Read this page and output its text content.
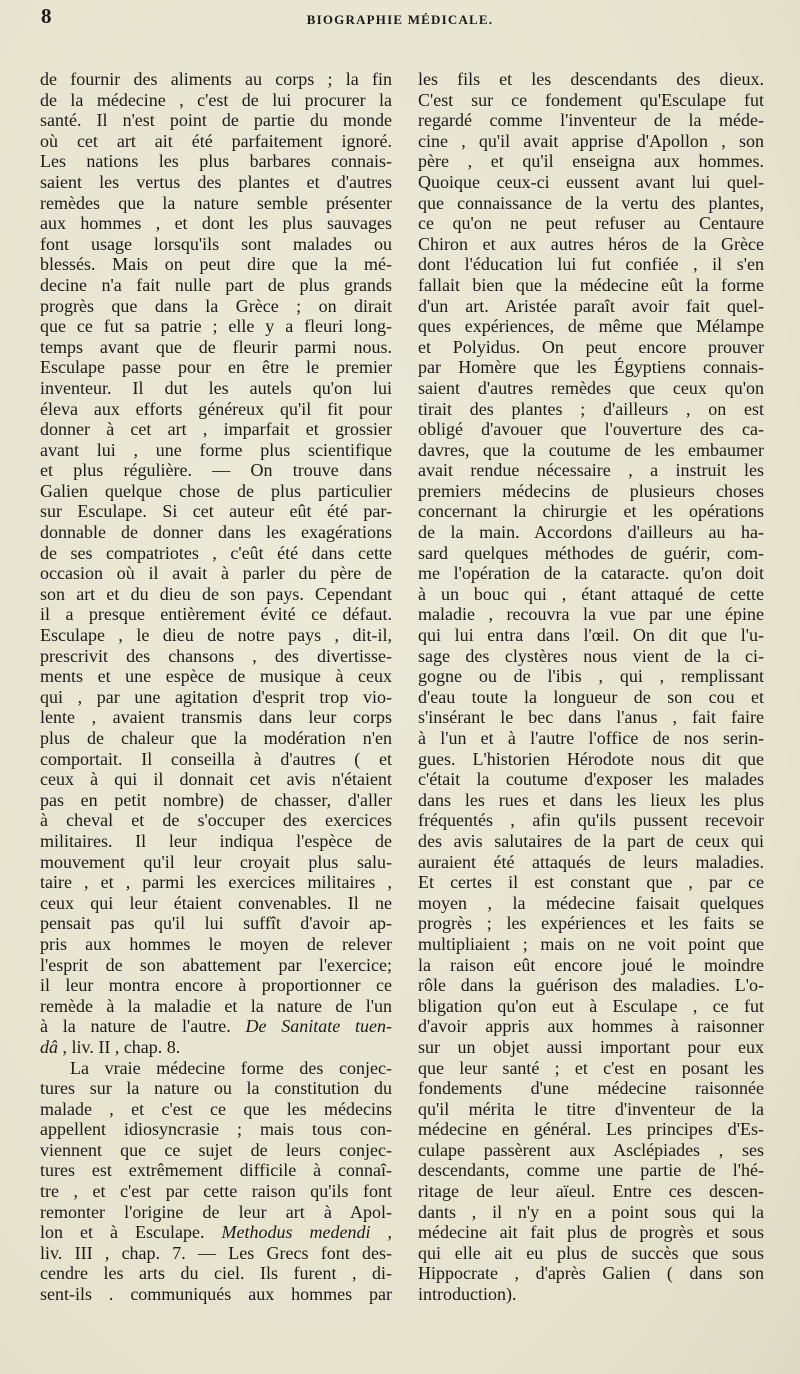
8	BIOGRAPHIE MÉDICALE.
de fournir des aliments au corps ; la fin
de la médecine , c'est de lui procurer la
santé. Il n'est point de partie du monde
où cet art ait été parfaitement ignoré.
Les nations les plus barbares connais-
saient les vertus des plantes et d'autres
remèdes que la nature semble présenter
aux hommes , et dont les plus sauvages
font usage lorsqu'ils sont malades ou
blessés. Mais on peut dire que la mé-
decine n'a fait nulle part de plus grands
progrès que dans la Grèce ; on dirait
que ce fut sa patrie ; elle y a fleuri long-
temps avant que de fleurir parmi nous.
Esculape passe pour en être le premier
inventeur. Il dut les autels qu'on lui
éleva aux efforts généreux qu'il fit pour
donner à cet art , imparfait et grossier
avant lui , une forme plus scientifique
et plus régulière. — On trouve dans
Galien quelque chose de plus particulier
sur Esculape. Si cet auteur eût été par-
donnable de donner dans les exagérations
de ses compatriotes , c'eût été dans cette
occasion où il avait à parler du père de
son art et du dieu de son pays. Cependant
il a presque entièrement évité ce défaut.
Esculape , le dieu de notre pays , dit-il,
prescrivit des chansons , des divertisse-
ments et une espèce de musique à ceux
qui , par une agitation d'esprit trop vio-
lente , avaient transmis dans leur corps
plus de chaleur que la modération n'en
comportait. Il conseilla à d'autres ( et
ceux à qui il donnait cet avis n'étaient
pas en petit nombre) de chasser, d'aller
à cheval et de s'occuper des exercices
militaires. Il leur indiqua l'espèce de
mouvement qu'il leur croyait plus salu-
taire , et , parmi les exercices militaires ,
ceux qui leur étaient convenables. Il ne
pensait pas qu'il lui suffît d'avoir ap-
pris aux hommes le moyen de relever
l'esprit de son abattement par l'exercice;
il leur montra encore à proportionner ce
remède à la maladie et la nature de l'un
à la nature de l'autre. De Sanitate tuen-
dâ , liv. II , chap. 8.
La vraie médecine forme des conjec-
tures sur la nature ou la constitution du
malade , et c'est ce que les médecins
appellent idiosyncrasie ; mais tous con-
viennent que ce sujet de leurs conjec-
tures est extrêmement difficile à connaî-
tre , et c'est par cette raison qu'ils font
remonter l'origine de leur art à Apol-
lon et à Esculape. Methodus medendi ,
liv. III , chap. 7. — Les Grecs font des-
cendre les arts du ciel. Ils furent , di-
sent-ils . communiqués aux hommes par
les fils et les descendants des dieux.
C'est sur ce fondement qu'Esculape fut
regardé comme l'inventeur de la méde-
cine , qu'il avait apprise d'Apollon , son
père , et qu'il enseigna aux hommes.
Quoique ceux-ci eussent avant lui quel-
que connaissance de la vertu des plantes,
ce qu'on ne peut refuser au Centaure
Chiron et aux autres héros de la Grèce
dont l'éducation lui fut confiée , il s'en
fallait bien que la médecine eût la forme
d'un art. Aristée paraît avoir fait quel-
ques expériences, de même que Mélampe
et Polyidus. On peut encore prouver
par Homère que les Égyptiens connais-
saient d'autres remèdes que ceux qu'on
tirait des plantes ; d'ailleurs , on est
obligé d'avouer que l'ouverture des ca-
davres, que la coutume de les embaumer
avait rendue nécessaire , a instruit les
premiers médecins de plusieurs choses
concernant la chirurgie et les opérations
de la main. Accordons d'ailleurs au ha-
sard quelques méthodes de guérir, com-
me l'opération de la cataracte. qu'on doit
à un bouc qui , étant attaqué de cette
maladie , recouvra la vue par une épine
qui lui entra dans l'œil. On dit que l'u-
sage des clystères nous vient de la ci-
gogne ou de l'ibis , qui , remplissant
d'eau toute la longueur de son cou et
s'insérant le bec dans l'anus , fait faire
à l'un et à l'autre l'office de nos serin-
gues. L'historien Hérodote nous dit que
c'était la coutume d'exposer les malades
dans les rues et dans les lieux les plus
fréquentés , afin qu'ils pussent recevoir
des avis salutaires de la part de ceux qui
auraient été attaqués de leurs maladies.
Et certes il est constant que , par ce
moyen , la médecine faisait quelques
progrès ; les expériences et les faits se
multipliaient ; mais on ne voit point que
la raison eût encore joué le moindre
rôle dans la guérison des maladies. L'o-
bligation qu'on eut à Esculape , ce fut
d'avoir appris aux hommes à raisonner
sur un objet aussi important pour eux
que leur santé ; et c'est en posant les
fondements d'une médecine raisonnée
qu'il mérita le titre d'inventeur de la
médecine en général. Les principes d'Es-
culape passèrent aux Asclépiades , ses
descendants, comme une partie de l'hé-
ritage de leur aïeul. Entre ces descen-
dants , il n'y en a point sous qui la
médecine ait fait plus de progrès et sous
qui elle ait eu plus de succès que sous
Hippocrate , d'après Galien ( dans son
introduction).
